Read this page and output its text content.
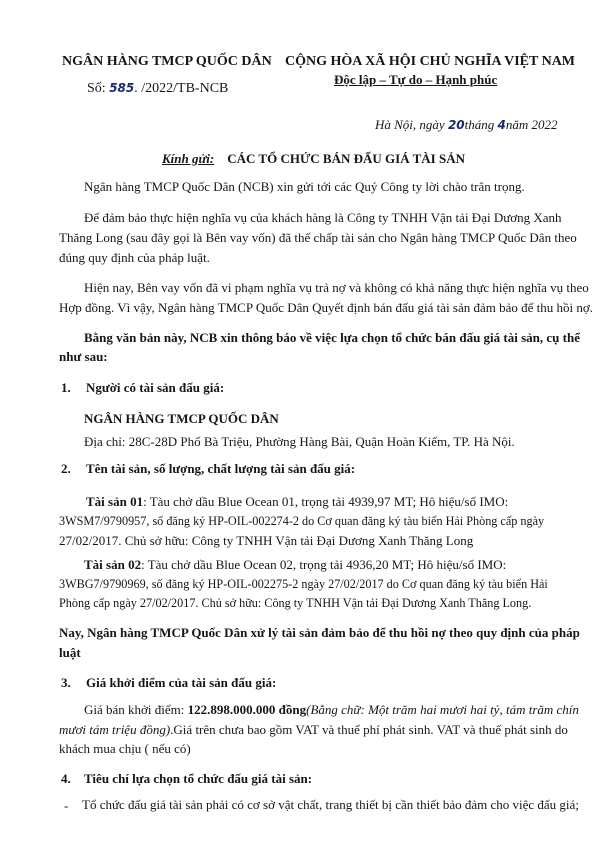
NGÂN HÀNG TMCP QUỐC DÂN
Số: 585. /2022/TB-NCB
CỘNG HÒA XÃ HỘI CHỦ NGHĨA VIỆT NAM
Độc lập – Tự do – Hạnh phúc
Hà Nội, ngày 20tháng 4năm 2022
Kính gửi: CÁC TỔ CHỨC BÁN ĐẤU GIÁ TÀI SẢN
Ngân hàng TMCP Quốc Dân (NCB) xin gửi tới các Quý Công ty lời chào trân trọng.
Để đảm bảo thực hiện nghĩa vụ của khách hàng là Công ty TNHH Vận tải Đại Dương Xanh
Thăng Long (sau đây gọi là Bên vay vốn) đã thế chấp tài sản cho Ngân hàng TMCP Quốc Dân theo
đúng quy định của pháp luật.
Hiện nay, Bên vay vốn đã vi phạm nghĩa vụ trả nợ và không có khả năng thực hiện nghĩa vụ theo
Hợp đồng. Vì vậy, Ngân hàng TMCP Quốc Dân Quyết định bán đấu giá tài sản đảm bảo để thu hồi nợ.
Bằng văn bản này, NCB xin thông báo về việc lựa chọn tổ chức bán đấu giá tài sản, cụ thể
như sau:
1. Người có tài sản đấu giá:
NGÂN HÀNG TMCP QUỐC DÂN
Địa chỉ: 28C-28D Phố Bà Triệu, Phường Hàng Bài, Quận Hoàn Kiếm, TP. Hà Nội.
2. Tên tài sản, số lượng, chất lượng tài sản đấu giá:
Tài sản 01: Tàu chở dầu Blue Ocean 01, trọng tải 4939,97 MT; Hô hiệu/số IMO:
3WSM7/9790957, số đăng ký HP-OIL-002274-2 do Cơ quan đăng ký tàu biển Hải Phòng cấp ngày
27/02/2017. Chủ sở hữu: Công ty TNHH Vận tải Đại Dương Xanh Thăng Long
Tài sản 02: Tàu chở dầu Blue Ocean 02, trọng tải 4936,20 MT; Hô hiệu/số IMO:
3WBG7/9790969, số đăng ký HP-OIL-002275-2 ngày 27/02/2017 do Cơ quan đăng ký tàu biển Hải
Phòng cấp ngày 27/02/2017. Chủ sở hữu: Công ty TNHH Vận tải Đại Dương Xanh Thăng Long.
Nay, Ngân hàng TMCP Quốc Dân xử lý tài sản đảm bảo để thu hồi nợ theo quy định của pháp
luật
3. Giá khởi điểm của tài sản đấu giá:
Giá bán khởi điểm: 122.898.000.000 đồng(Bằng chữ: Một trăm hai mươi hai tỷ, tám trăm chín
mươi tám triệu đồng).Giá trên chưa bao gồm VAT và thuế phí phát sinh. VAT và thuế phát sinh do
khách mua chịu ( nếu có)
4. Tiêu chí lựa chọn tổ chức đấu giá tài sản:
- Tổ chức đấu giá tài sản phải có cơ sở vật chất, trang thiết bị cần thiết bảo đảm cho việc đấu giá;
